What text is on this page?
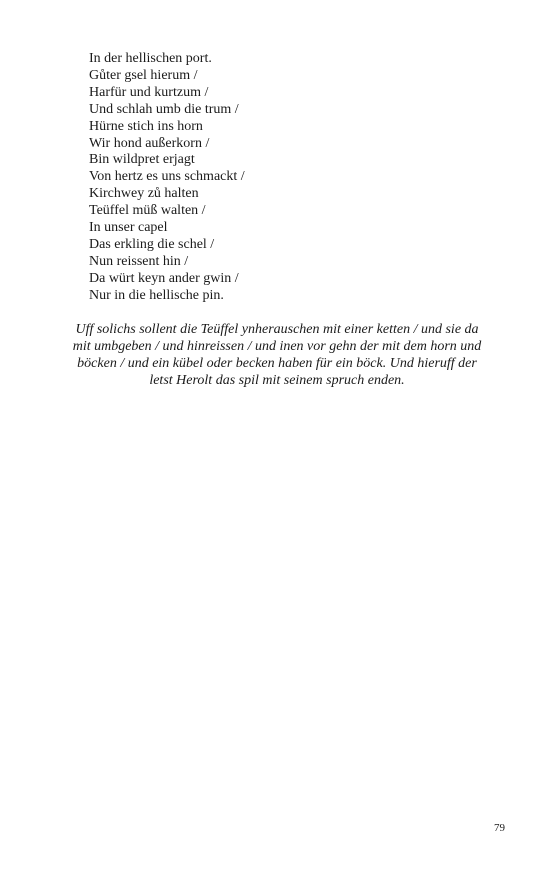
In der hellischen port.
Gůter gsel hierum /
Harfür und kurtzum /
Und schlah umb die trum /
Hürne stich ins horn
Wir hond außerkorn /
Bin wildpret erjagt
Von hertz es uns schmackt /
Kirchwey zů halten
Teüffel müß walten /
In unser capel
Das erkling die schel /
Nun reissent hin /
Da würt keyn ander gwin /
Nur in die hellische pin.

Uff solichs sollent die Teüffel ynherauschen mit einer ketten / und sie da mit umbgeben / und hinreissen / und inen vor gehn der mit dem horn und böcken / und ein kübel oder becken haben für ein böck. Und hieruff der letst Herolt das spil mit seinem spruch enden.

79
